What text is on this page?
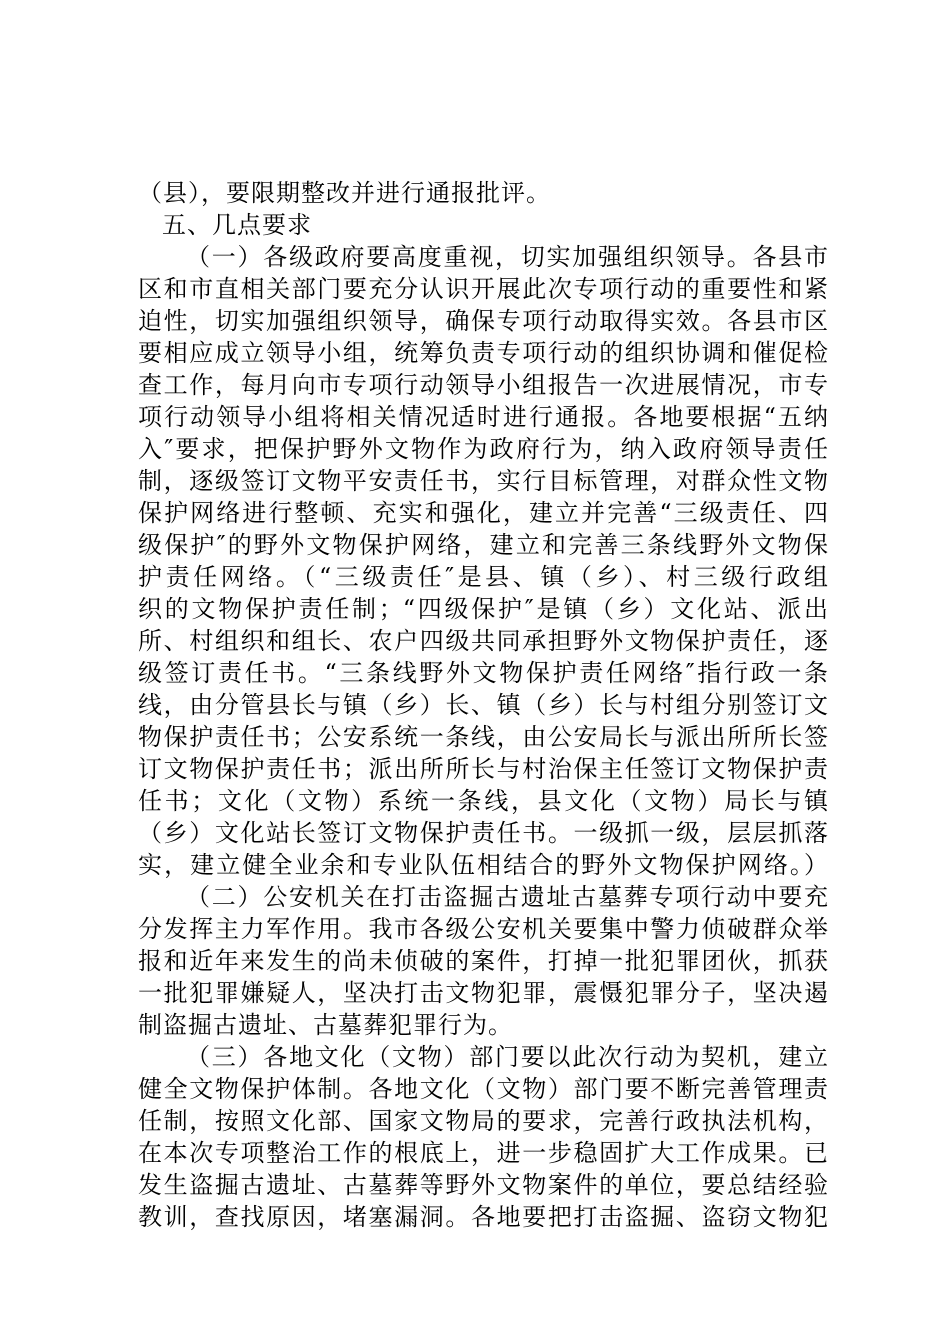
（县），要限期整改并进行通报批评。
五、几点要求
（一）各级政府要高度重视，切实加强组织领导。各县市
区和市直相关部门要充分认识开展此次专项行动的重要性和紧
迫性，切实加强组织领导，确保专项行动取得实效。各县市区
要相应成立领导小组，统筹负责专项行动的组织协调和催促检
查工作，每月向市专项行动领导小组报告一次进展情况，市专
项行动领导小组将相关情况适时进行通报。各地要根据“五纳
入″要求，把保护野外文物作为政府行为，纳入政府领导责任
制，逐级签订文物平安责任书，实行目标管理，对群众性文物
保护网络进行整顿、充实和强化，建立并完善“三级责任、四
级保护″的野外文物保护网络，建立和完善三条线野外文物保
护责任网络。（“三级责任″是县、镇（乡）、村三级行政组
织的文物保护责任制；“四级保护″是镇（乡）文化站、派出
所、村组织和组长、农户四级共同承担野外文物保护责任，逐
级签订责任书。“三条线野外文物保护责任网络″指行政一条
线，由分管县长与镇（乡）长、镇（乡）长与村组分别签订文
物保护责任书；公安系统一条线，由公安局长与派出所所长签
订文物保护责任书；派出所所长与村治保主任签订文物保护责
任书；文化（文物）系统一条线，县文化（文物）局长与镇
（乡）文化站长签订文物保护责任书。一级抓一级，层层抓落
实，建立健全业余和专业队伍相结合的野外文物保护网络。）
（二）公安机关在打击盗掘古遗址古墓葬专项行动中要充
分发挥主力军作用。我市各级公安机关要集中警力侦破群众举
报和近年来发生的尚未侦破的案件，打掉一批犯罪团伙，抓获
一批犯罪嫌疑人，坚决打击文物犯罪，震慑犯罪分子，坚决遏
制盗掘古遗址、古墓葬犯罪行为。
（三）各地文化（文物）部门要以此次行动为契机，建立
健全文物保护体制。各地文化（文物）部门要不断完善管理责
任制，按照文化部、国家文物局的要求，完善行政执法机构，
在本次专项整治工作的根底上，进一步稳固扩大工作成果。已
发生盗掘古遗址、古墓葬等野外文物案件的单位，要总结经验
教训，查找原因，堵塞漏洞。各地要把打击盗掘、盗窃文物犯
